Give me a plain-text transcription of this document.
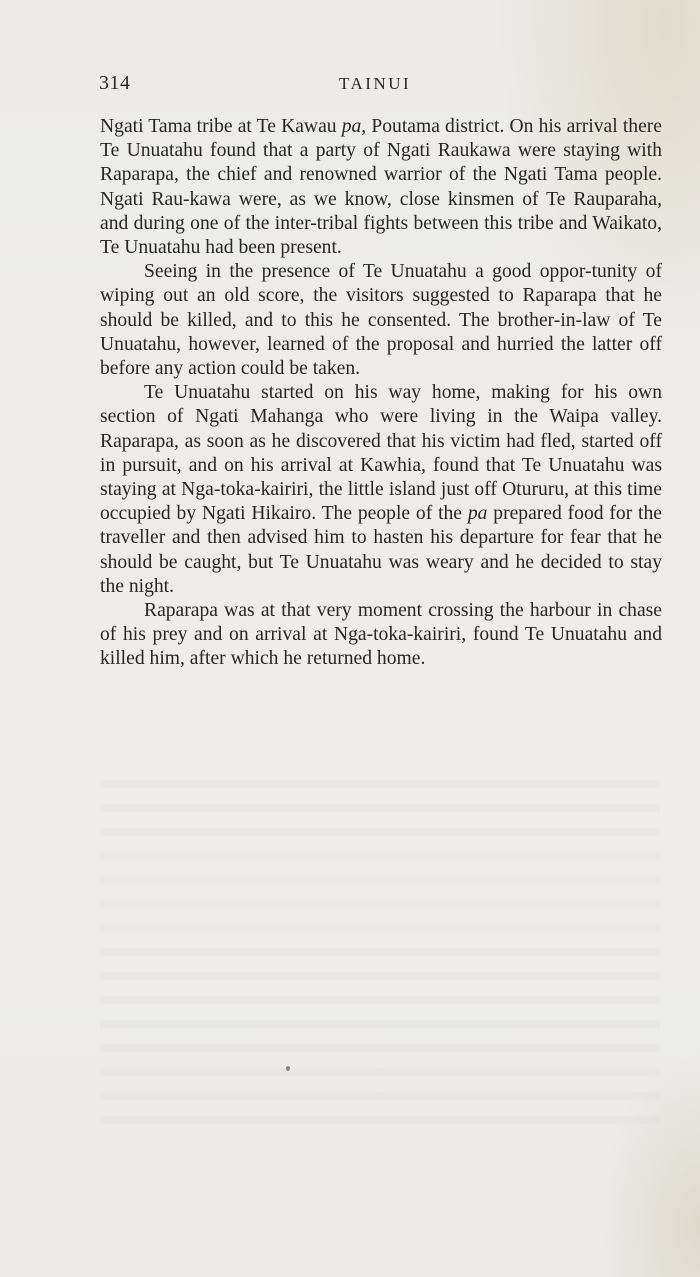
314	TAINUI

Ngati Tama tribe at Te Kawau pa, Poutama district. On his arrival there Te Unuatahu found that a party of Ngati Raukawa were staying with Raparapa, the chief and renowned warrior of the Ngati Tama people. Ngati Rau-kawa were, as we know, close kinsmen of Te Rauparaha, and during one of the inter-tribal fights between this tribe and Waikato, Te Unuatahu had been present.

Seeing in the presence of Te Unuatahu a good oppor-tunity of wiping out an old score, the visitors suggested to Raparapa that he should be killed, and to this he consented. The brother-in-law of Te Unuatahu, however, learned of the proposal and hurried the latter off before any action could be taken.

Te Unuatahu started on his way home, making for his own section of Ngati Mahanga who were living in the Waipa valley. Raparapa, as soon as he discovered that his victim had fled, started off in pursuit, and on his arrival at Kawhia, found that Te Unuatahu was staying at Nga-toka-kairiri, the little island just off Otururu, at this time occupied by Ngati Hikairo. The people of the pa prepared food for the traveller and then advised him to hasten his departure for fear that he should be caught, but Te Unuatahu was weary and he decided to stay the night.

Raparapa was at that very moment crossing the harbour in chase of his prey and on arrival at Nga-toka-kairiri, found Te Unuatahu and killed him, after which he returned home.
